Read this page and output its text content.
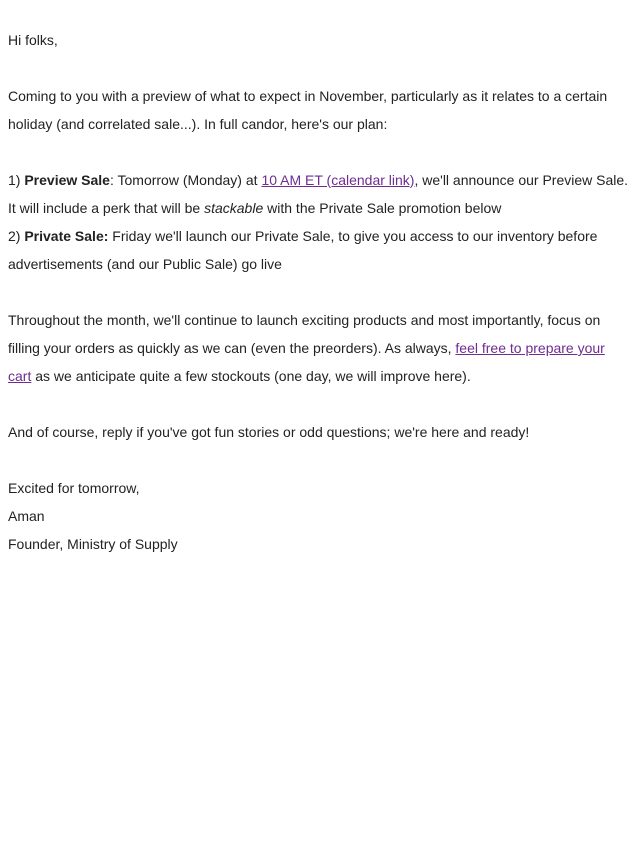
Hi folks,

Coming to you with a preview of what to expect in November, particularly as it relates to a certain

holiday (and correlated sale...). In full candor, here's our plan:

1) Preview Sale: Tomorrow (Monday) at 10 AM ET (calendar link), we'll announce our Preview Sale.

It will include a perk that will be stackable with the Private Sale promotion below

2) Private Sale: Friday we'll launch our Private Sale, to give you access to our inventory before

advertisements (and our Public Sale) go live

Throughout the month, we'll continue to launch exciting products and most importantly, focus on

filling your orders as quickly as we can (even the preorders). As always, feel free to prepare your

cart as we anticipate quite a few stockouts (one day, we will improve here).

And of course, reply if you've got fun stories or odd questions; we're here and ready!

Excited for tomorrow,

Aman

Founder, Ministry of Supply
